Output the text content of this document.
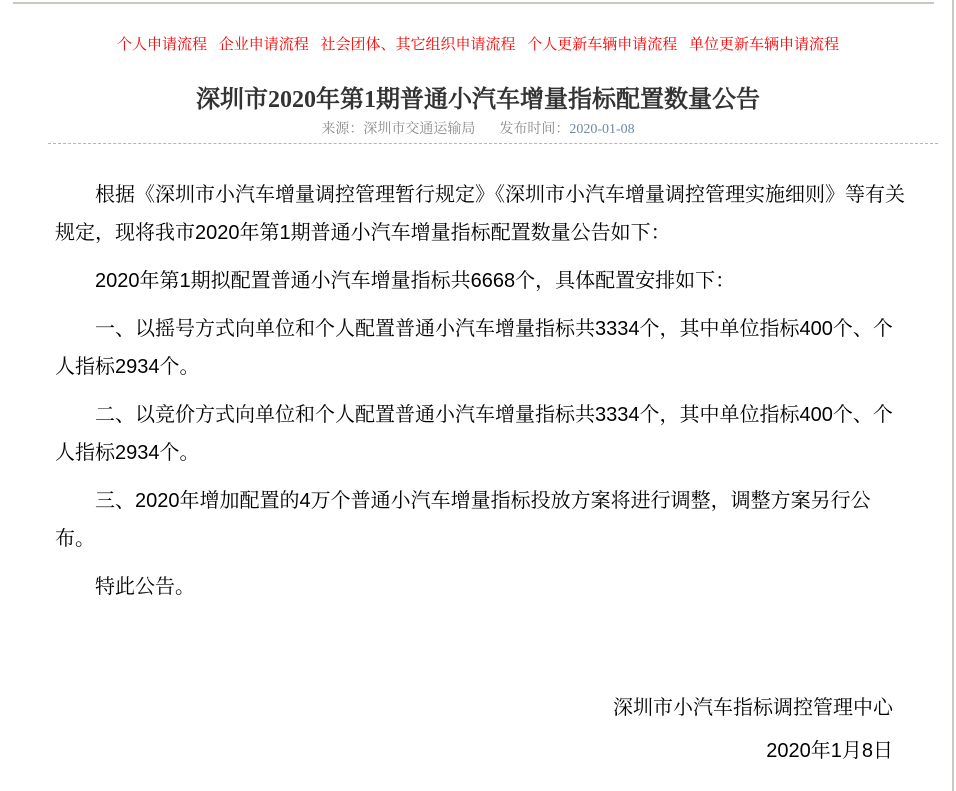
个人申请流程 企业申请流程 社会团体、其它组织申请流程 个人更新车辆申请流程 单位更新车辆申请流程
深圳市2020年第1期普通小汽车增量指标配置数量公告
来源：深圳市交通运输局 发布时间：2020-01-08

根据《深圳市小汽车增量调控管理暂行规定》《深圳市小汽车增量调控管理实施细则》等有关规定，现将我市2020年第1期普通小汽车增量指标配置数量公告如下：

2020年第1期拟配置普通小汽车增量指标共6668个，具体配置安排如下：

一、以摇号方式向单位和个人配置普通小汽车增量指标共3334个，其中单位指标400个、个人指标2934个。

二、以竞价方式向单位和个人配置普通小汽车增量指标共3334个，其中单位指标400个、个人指标2934个。

三、2020年增加配置的4万个普通小汽车增量指标投放方案将进行调整，调整方案另行公布。

特此公告。

深圳市小汽车指标调控管理中心
2020年1月8日
